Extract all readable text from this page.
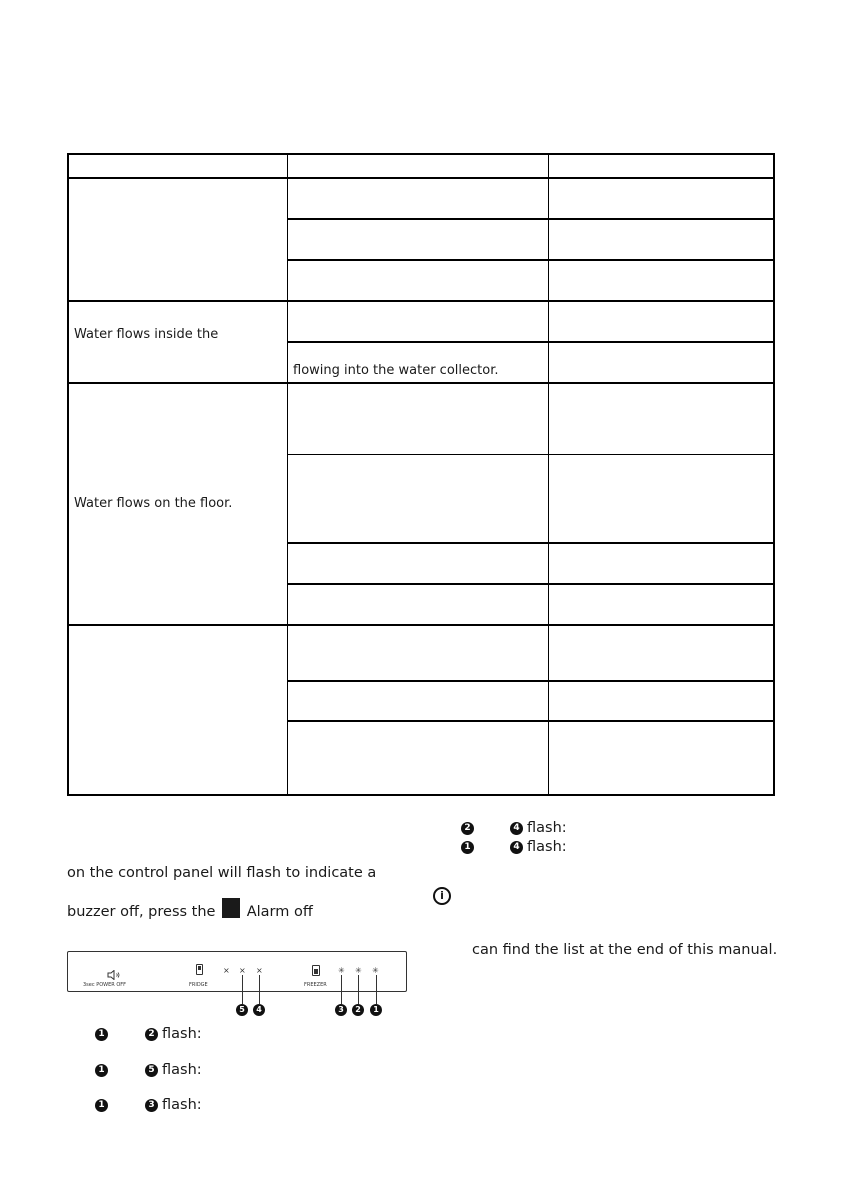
Water flows inside the
flowing into the water collector.
Water flows on the floor.
on the control panel will flash to indicate a
buzzer off, press the Alarm off
2	4 flash:
1	4 flash:
i
can find the list at the end of this manual.
3sec POWER OFF	FRIDGE
× × ×
FREEZER
✳ ✳ ✳
5	4	3	2	1
1	2 flash:
1	5 flash:
1	3 flash:
